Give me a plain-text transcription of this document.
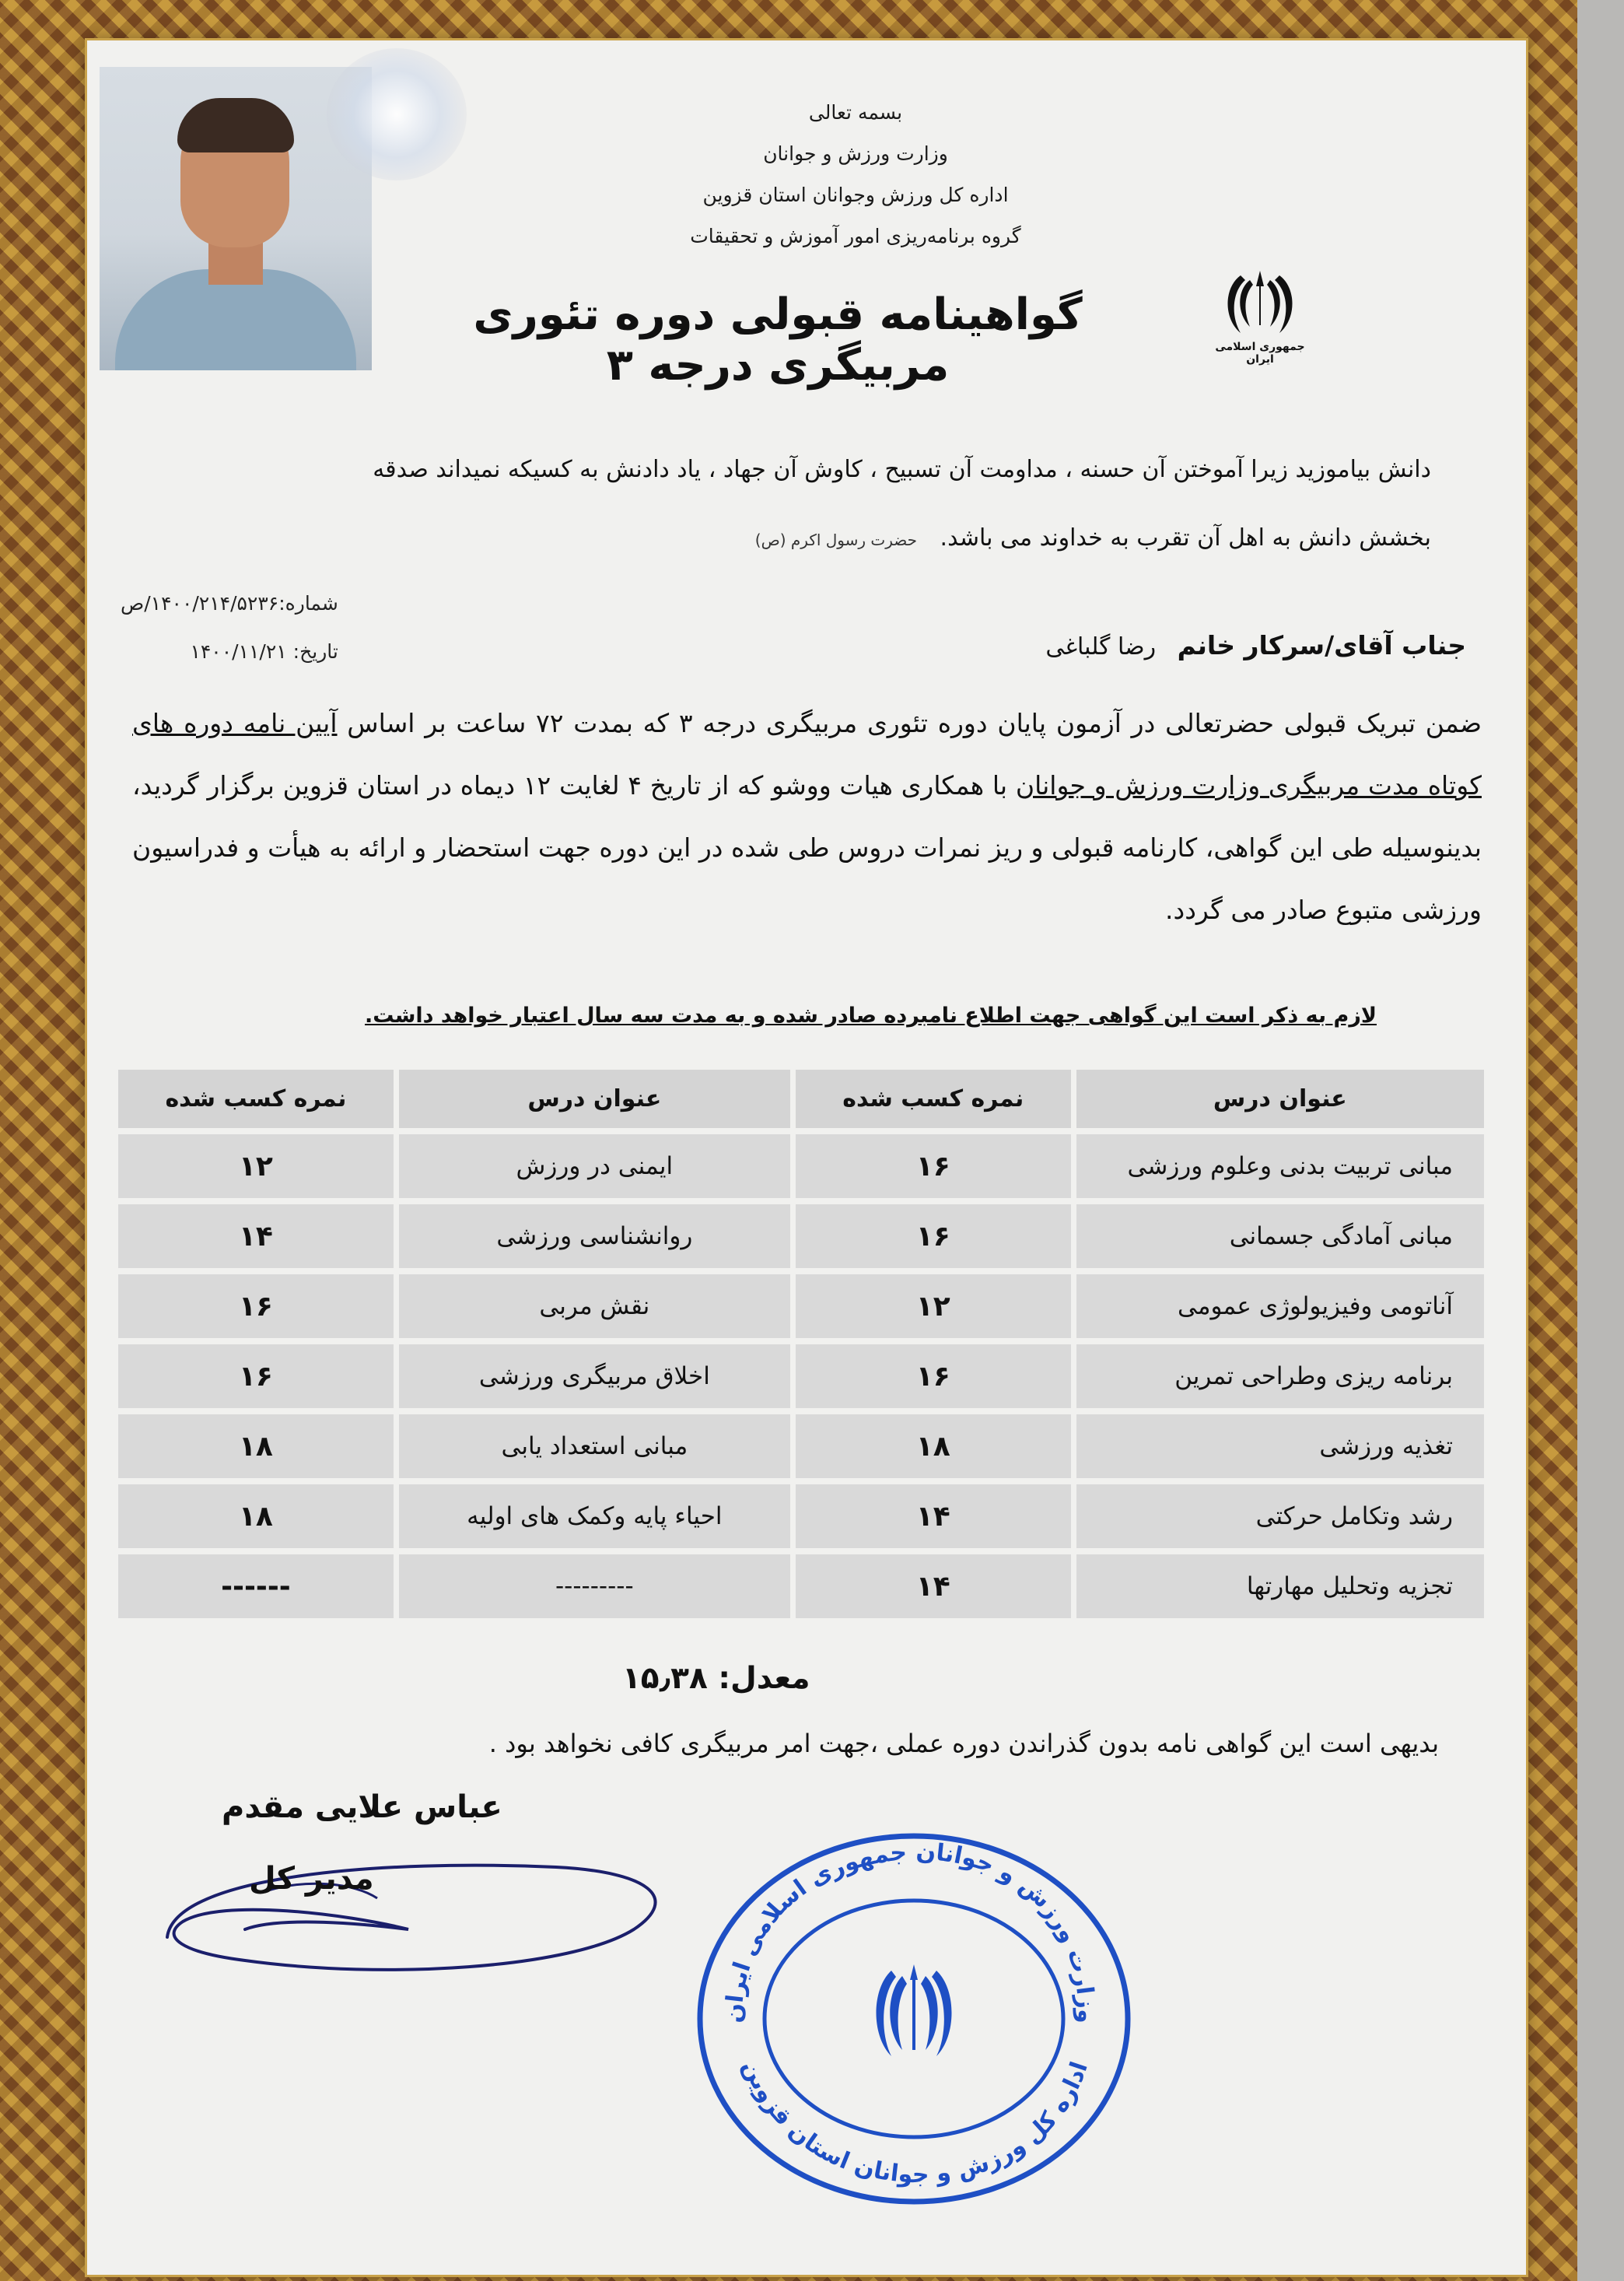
بسمه تعالی
وزارت ورزش و جوانان
اداره کل ورزش وجوانان استان قزوین
گروه برنامه‌ریزی امور آموزش و تحقیقات
جمهوری اسلامی ایران
گواهینامه قبولی دوره تئوری مربیگری درجه ۳
دانش بیاموزید زیرا آموختن آن حسنه ، مداومت آن تسبیح ، کاوش آن جهاد ، یاد دادنش به کسیکه نمیداند صدقه
بخشش دانش به اهل آن تقرب به خداوند می باشد. حضرت رسول اکرم (ص)
شماره:۱۴۰۰/۲۱۴/۵۲۳۶/ص
تاریخ: ۱۴۰۰/۱۱/۲۱	جناب آقای/سرکار خانم رضا گلباغی
ضمن تبریک قبولی حضرتعالی در آزمون پایان دوره تئوری مربیگری درجه ۳ که بمدت ۷۲ ساعت بر اساس آیین نامه دوره های کوتاه مدت مربیگری وزارت ورزش و جوانان با همکاری هیات ووشو که از تاریخ ۴ لغایت ۱۲ دیماه در استان قزوین برگزار گردید، بدینوسیله طی این گواهی، کارنامه قبولی و ریز نمرات دروس طی شده در این دوره جهت استحضار و ارائه به هیأت و فدراسیون ورزشی متبوع صادر می گردد.
لازم به ذکر است این گواهی جهت اطلاع نامبرده صادر شده و به مدت سه سال اعتبار خواهد داشت.
عنوان درس	نمره کسب شده	عنوان درس	نمره کسب شده
مبانی تربیت بدنی وعلوم ورزشی	۱۶	ایمنی در ورزش	۱۲
مبانی آمادگی جسمانی	۱۶	روانشناسی ورزشی	۱۴
آناتومی وفیزیولوژی عمومی	۱۲	نقش مربی	۱۶
برنامه ریزی وطراحی تمرین	۱۶	اخلاق مربیگری ورزشی	۱۶
تغذیه ورزشی	۱۸	مبانی استعداد یابی	۱۸
رشد وتکامل حرکتی	۱۴	احیاء پایه وکمک های اولیه	۱۸
تجزیه وتحلیل مهارتها	۱۴	---------	------
معدل: ۱۵٫۳۸
بدیهی است این گواهی نامه بدون گذراندن دوره عملی ،جهت امر مربیگری کافی نخواهد بود .
عباس علایی مقدم
مدیر کل
وزارت ورزش و جوانان جمهوری اسلامی ایران
اداره کل ورزش و جوانان استان قزوین
